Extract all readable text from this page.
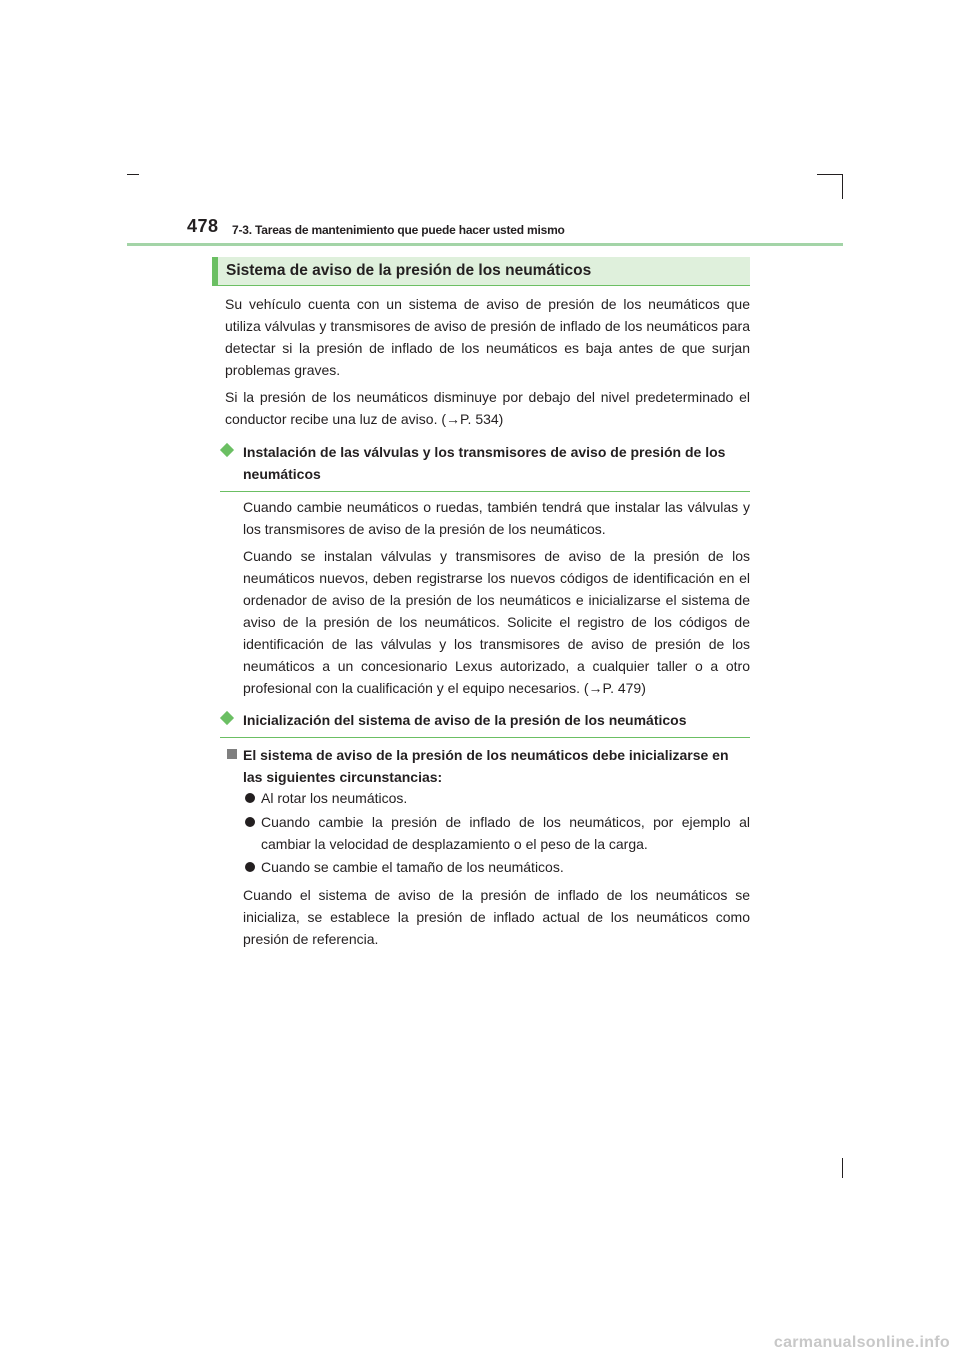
478 7-3. Tareas de mantenimiento que puede hacer usted mismo
Sistema de aviso de la presión de los neumáticos
Su vehículo cuenta con un sistema de aviso de presión de los neumáticos que utiliza válvulas y transmisores de aviso de presión de inflado de los neumáticos para detectar si la presión de inflado de los neumáticos es baja antes de que surjan problemas graves.
Si la presión de los neumáticos disminuye por debajo del nivel predeterminado el conductor recibe una luz de aviso. (→P. 534)
Instalación de las válvulas y los transmisores de aviso de presión de los neumáticos
Cuando cambie neumáticos o ruedas, también tendrá que instalar las válvulas y los transmisores de aviso de la presión de los neumáticos.
Cuando se instalan válvulas y transmisores de aviso de la presión de los neumáticos nuevos, deben registrarse los nuevos códigos de identificación en el ordenador de aviso de la presión de los neumáticos e inicializarse el sistema de aviso de la presión de los neumáticos. Solicite el registro de los códigos de identificación de las válvulas y los transmisores de aviso de presión de los neumáticos a un concesionario Lexus autorizado, a cualquier taller o a otro profesional con la cualificación y el equipo necesarios. (→P. 479)
Inicialización del sistema de aviso de la presión de los neumáticos
El sistema de aviso de la presión de los neumáticos debe inicializarse en las siguientes circunstancias:
Al rotar los neumáticos.
Cuando cambie la presión de inflado de los neumáticos, por ejemplo al cambiar la velocidad de desplazamiento o el peso de la carga.
Cuando se cambie el tamaño de los neumáticos.
Cuando el sistema de aviso de la presión de inflado de los neumáticos se inicializa, se establece la presión de inflado actual de los neumáticos como presión de referencia.
carmanualsonline.info
